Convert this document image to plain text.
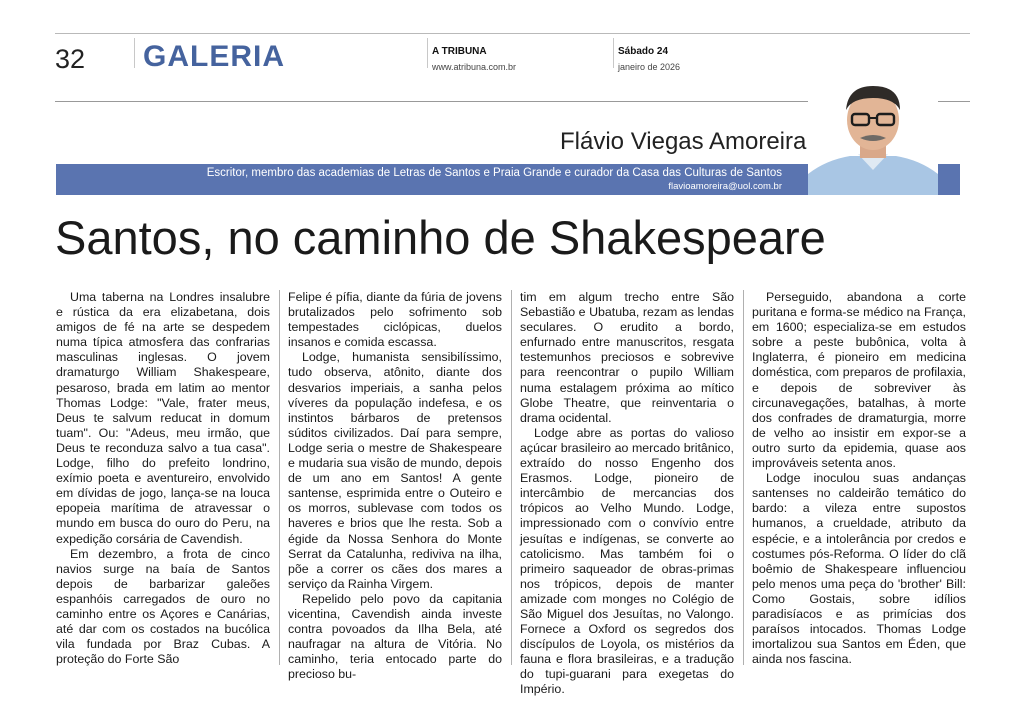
32 GALERIA	A TRIBUNA
www.atribuna.com.br
Sábado 24
janeiro de 2026
Flávio Viegas Amoreira
Escritor, membro das academias de Letras de Santos e Praia Grande e curador da Casa das Culturas de Santos
flavioamoreira@uol.com.br
Santos, no caminho de Shakespeare

Uma taberna na Londres insalubre e rústica da era elizabetana, dois amigos de fé na arte se despedem numa típica atmosfera das confrarias masculinas inglesas. O jovem dramaturgo William Shakespeare, pesaroso, brada em latim ao mentor Thomas Lodge: "Vale, frater meus, Deus te salvum reducat in domum tuam". Ou: "Adeus, meu irmão, que Deus te reconduza salvo a tua casa". Lodge, filho do prefeito londrino, exímio poeta e aventureiro, envolvido em dívidas de jogo, lança-se na louca epopeia marítima de atravessar o mundo em busca do ouro do Peru, na expedição corsária de Cavendish.

Em dezembro, a frota de cinco navios surge na baía de Santos depois de barbarizar galeões espanhóis carregados de ouro no caminho entre os Açores e Canárias, até dar com os costados na bucólica vila fundada por Braz Cubas. A proteção do Forte São

Felipe é pífia, diante da fúria de jovens brutalizados pelo sofrimento sob tempestades ciclópicas, duelos insanos e comida escassa.

Lodge, humanista sensibilíssimo, tudo observa, atônito, diante dos desvarios imperiais, a sanha pelos víveres da população indefesa, e os instintos bárbaros de pretensos súditos civilizados. Daí para sempre, Lodge seria o mestre de Shakespeare e mudaria sua visão de mundo, depois de um ano em Santos! A gente santense, esprimida entre o Outeiro e os morros, sublevase com todos os haveres e brios que lhe resta. Sob a égide da Nossa Senhora do Monte Serrat da Catalunha, rediviva na ilha, põe a correr os cães dos mares a serviço da Rainha Virgem.

Repelido pelo povo da capitania vicentina, Cavendish ainda investe contra povoados da Ilha Bela, até naufragar na altura de Vitória. No caminho, teria entocado parte do precioso bu-

tim em algum trecho entre São Sebastião e Ubatuba, rezam as lendas seculares. O erudito a bordo, enfurnado entre manuscritos, resgata testemunhos preciosos e sobrevive para reencontrar o pupilo William numa estalagem próxima ao mítico Globe Theatre, que reinventaria o drama ocidental.

Lodge abre as portas do valioso açúcar brasileiro ao mercado britânico, extraído do nosso Engenho dos Erasmos. Lodge, pioneiro de intercâmbio de mercancias dos trópicos ao Velho Mundo. Lodge, impressionado com o convívio entre jesuítas e indígenas, se converte ao catolicismo. Mas também foi o primeiro saqueador de obras-primas nos trópicos, depois de manter amizade com monges no Colégio de São Miguel dos Jesuítas, no Valongo. Fornece a Oxford os segredos dos discípulos de Loyola, os mistérios da fauna e flora brasileiras, e a tradução do tupi-guarani para exegetas do Império.

Perseguido, abandona a corte puritana e forma-se médico na França, em 1600; especializa-se em estudos sobre a peste bubônica, volta à Inglaterra, é pioneiro em medicina doméstica, com preparos de profilaxia, e depois de sobreviver às circunavegações, batalhas, à morte dos confrades de dramaturgia, morre de velho ao insistir em expor-se a outro surto da epidemia, quase aos improváveis setenta anos.

Lodge inoculou suas andanças santenses no caldeirão temático do bardo: a vileza entre supostos humanos, a crueldade, atributo da espécie, e a intolerância por credos e costumes pós-Reforma. O líder do clã boêmio de Shakespeare influenciou pelo menos uma peça do 'brother' Bill: Como Gostais, sobre idílios paradisíacos e as primícias dos paraísos intocados. Thomas Lodge imortalizou sua Santos em Éden, que ainda nos fascina.
